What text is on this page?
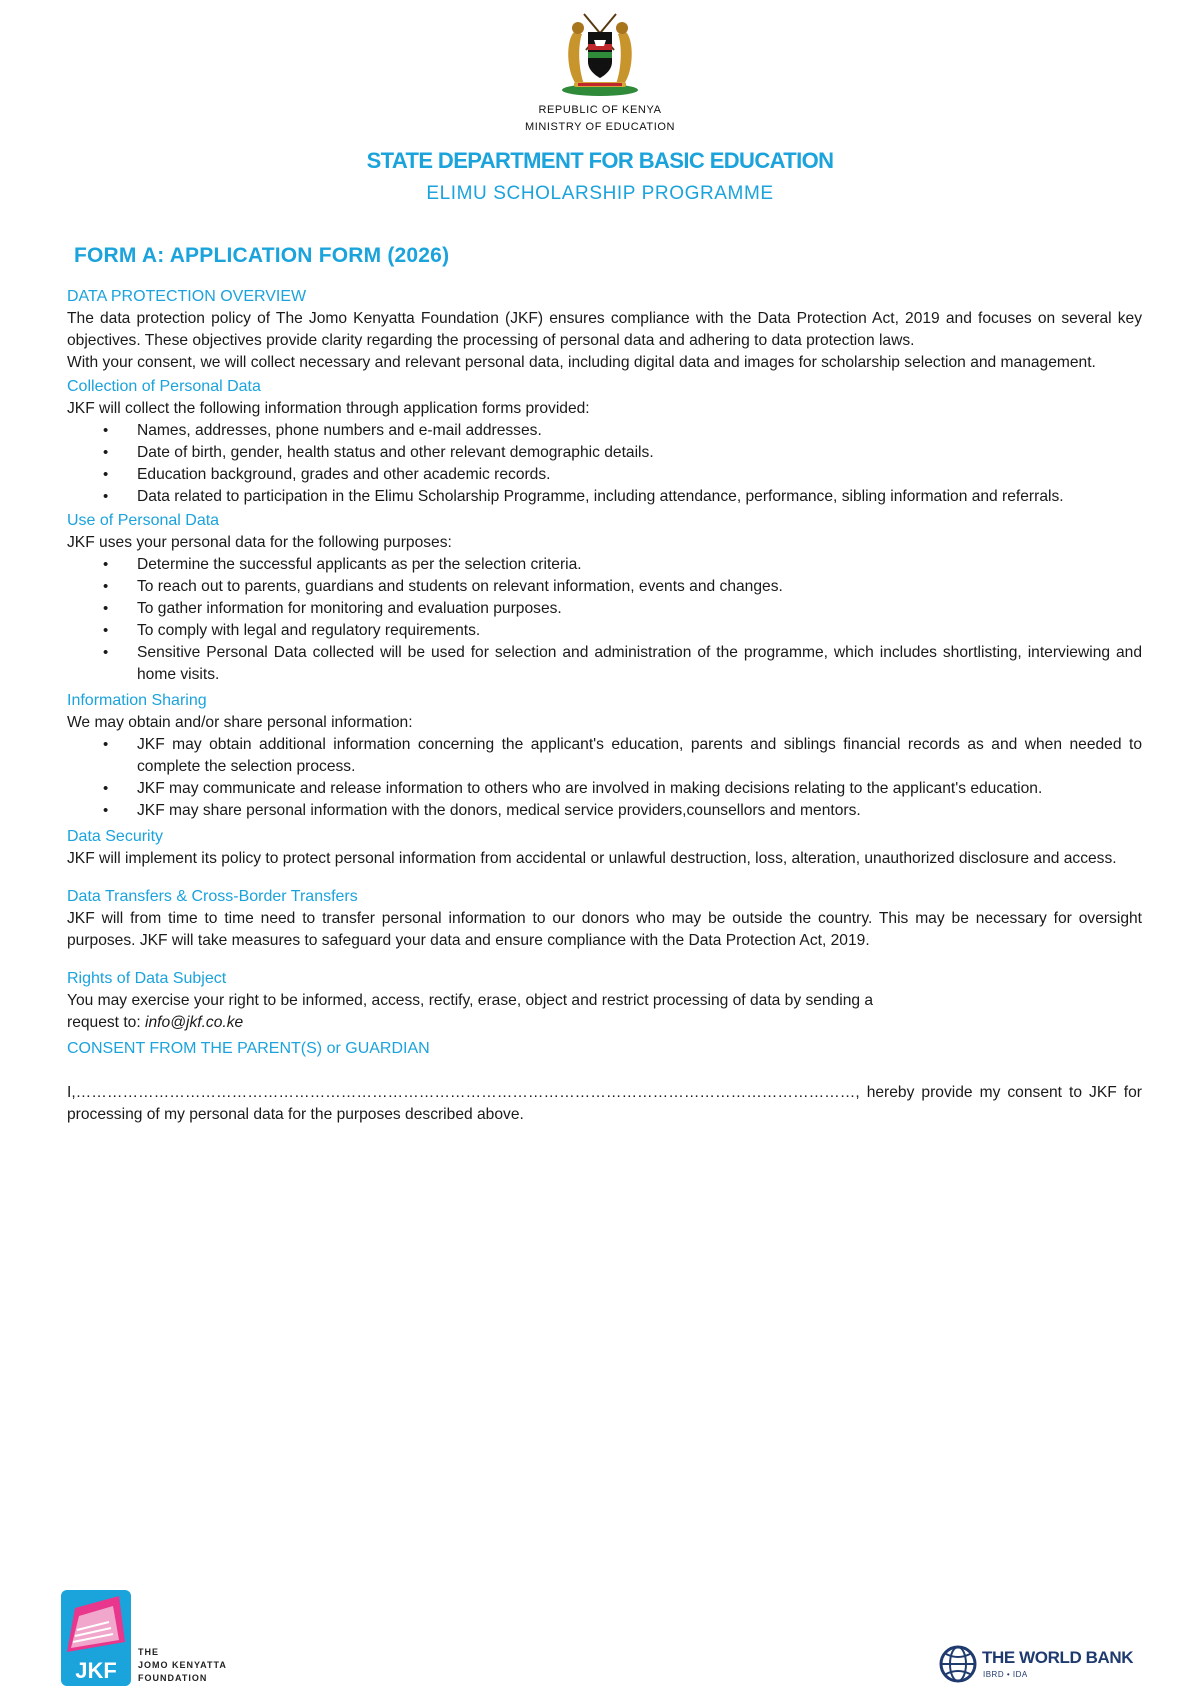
REPUBLIC OF KENYA
MINISTRY OF EDUCATION
STATE DEPARTMENT FOR BASIC EDUCATION
ELIMU SCHOLARSHIP PROGRAMME
FORM A: APPLICATION FORM (2026)
DATA PROTECTION OVERVIEW

The data protection policy of The Jomo Kenyatta Foundation (JKF) ensures compliance with the Data Protection Act, 2019 and focuses on several key objectives. These objectives provide clarity regarding the processing of personal data and adhering to data protection laws.

With your consent, we will collect necessary and relevant personal data, including digital data and images for scholarship selection and management.

Collection of Personal Data

JKF will collect the following information through application forms provided:

• Names, addresses, phone numbers and e-mail addresses.
• Date of birth, gender, health status and other relevant demographic details.
• Education background, grades and other academic records.
• Data related to participation in the Elimu Scholarship Programme, including attendance, performance, sibling information and referrals.
Use of Personal Data

JKF uses your personal data for the following purposes:

• Determine the successful applicants as per the selection criteria.
• To reach out to parents, guardians and students on relevant information, events and changes.
• To gather information for monitoring and evaluation purposes.
• To comply with legal and regulatory requirements.
• Sensitive Personal Data collected will be used for selection and administration of the programme, which includes shortlisting, interviewing and home visits.
Information Sharing

We may obtain and/or share personal information:

• JKF may obtain additional information concerning the applicant's education, parents and siblings financial records as and when needed to complete the selection process.
• JKF may communicate and release information to others who are involved in making decisions relating to the applicant's education.
• JKF may share personal information with the donors, medical service providers,counsellors and mentors.
Data Security

JKF will implement its policy to protect personal information from accidental or unlawful destruction, loss, alteration, unauthorized disclosure and access.

Data Transfers & Cross-Border Transfers

JKF will from time to time need to transfer personal information to our donors who may be outside the country. This may be necessary for oversight purposes. JKF will take measures to safeguard your data and ensure compliance with the Data Protection Act, 2019.

Rights of Data Subject

You may exercise your right to be informed, access, rectify, erase, object and restrict processing of data by sending a

request to: info@jkf.co.ke

CONSENT FROM THE PARENT(S) or GUARDIAN

I,……………………………………………………………………………………………………………………………………, hereby provide my consent to JKF for processing of my personal data for the purposes described above.

JKF
THE
JOMO KENYATTA
FOUNDATION
THE WORLD BANK
IBRD • IDA
